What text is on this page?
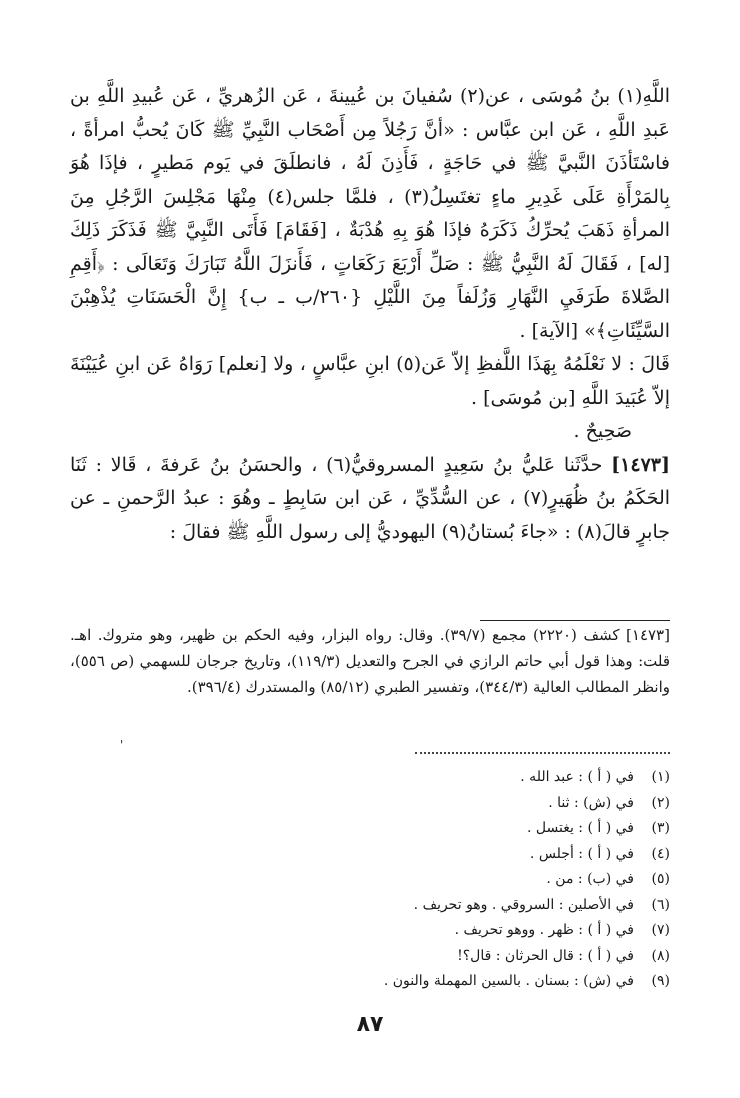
اللَّهِ(١) بنُ مُوسَى ، عن(٢) سُفيانَ بن عُيينةَ ، عَن الزُهريِّ ، عَن عُبيدِ اللَّهِ بن عَبدِ اللَّهِ ، عَن ابن عبَّاس : «أنَّ رَجُلاً مِن أَصْحَاب النَّبِيِّ ﷺ كَانَ يُحبُّ امرأةً ، فاسْتَأذَنَ النَّبيَّ ﷺ في حَاجَةٍ ، فَأَذِنَ لَهُ ، فانطلَقَ في يَوم مَطيرٍ ، فإذَا هُوَ بِالمَرْأَةِ عَلَى غَدِيرِ ماءٍ تغتَسِلُ(٣) ، فلمَّا جلس(٤) مِنْهَا مَجْلِسَ الرَّجُلِ مِنَ المرأةِ ذَهَبَ يُحرِّكُ ذَكَرَهُ فإذَا هُوَ بِهِ هُدْبَةٌ ، [فَقَامَ] فَأَتَى النَّبِيَّ ﷺ فَذَكَرَ ذَلِكَ [له] ، فَقَالَ لَهُ النَّبِيُّ ﷺ : صَلِّ أَرْبَعَ رَكَعَاتٍ ، فَأَنزَلَ اللَّهُ تَبَارَكَ وَتَعَالَى : ﴿أَقِمِ الصَّلاةَ طَرَفَيِ النَّهَارِ وَزُلَفاً مِنَ اللَّيْلِ {٢٦٠/ب ـ ب} إِنَّ الْحَسَنَاتِ يُذْهِبْنَ السَّيِّئَاتِ﴾» [الآية] .

قَالَ : لا نَعْلَمُهُ بِهَذَا اللَّفظِ إلاّ عَن(٥) ابنِ عبَّاسٍ ، ولا [نعلم] رَوَاهُ عَن ابنِ عُيَيْنَةَ إلاّ عُبَيدَ اللَّهِ [بن مُوسَى] .

صَحِيحٌ .

[١٤٧٣] حدَّثَنا عَليُّ بنُ سَعِيدٍ المسروقيُّ(٦) ، والحسَنُ بنُ عَرفةَ ، قَالا : ثَنَا الحَكَمُ بنُ ظُهَيرٍ(٧) ، عن السُّدِّيِّ ، عَن ابن سَابِطٍ ـ وهُوَ : عبدُ الرَّحمنِ ـ عن جابرٍ قالَ(٨) : «جاءَ بُستانُ(٩) اليهوديُّ إلى رسول اللَّهِ ﷺ فقالَ :

[١٤٧٣] كشف (٢٢٢٠) مجمع (٣٩/٧). وقال: رواه البزار، وفيه الحكم بن ظهير، وهو متروك. اهـ. قلت: وهذا قول أبي حاتم الرازي في الجرح والتعديل (١١٩/٣)، وتاريخ جرجان للسهمي (ص ٥٥٦)، وانظر المطالب العالية (٣٤٤/٣)، وتفسير الطبري (٨٥/١٢) والمستدرك (٣٩٦/٤).

'
(١)
في ( أ ) : عبد الله .
(٢)
في (ش) : ثنا .
(٣)
في ( أ ) : يغتسل .
(٤)
في ( أ ) : أجلس .
(٥)
في (ب) : من .
(٦)
في الأصلين : السروقي . وهو تحريف .
(٧)
في ( أ ) : ظهر . ووهو تحريف .
(٨)
في ( أ ) : قال الحرثان : قال؟!
(٩)
في (ش) : بسنان . بالسين المهملة والنون .
٨٧
